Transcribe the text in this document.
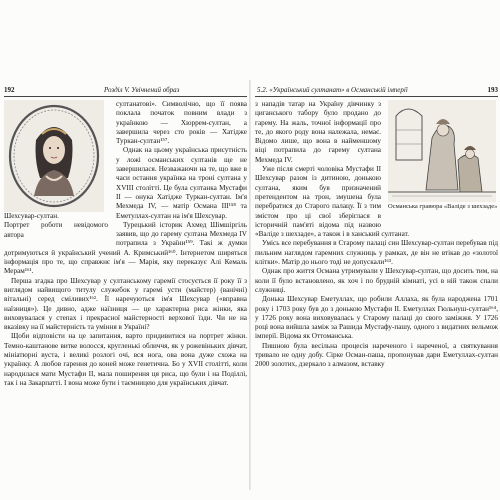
192	Розділ V. Увічнений образ
Шехсувар-султан.
Портрет роботи невідомого автора

султанатові». Символічно, що її поява поклала початок повним влади з українкою — Хюррем-султан, а завершила через сто років — Хатідже Туркан-султан¹⁵⁷.

Однак на цьому українська присутність у ложі османських султанів ще не завершилася. Незважаючи на те, що вже в часи остання українка на троні султана у XVIII столітті. Це була султанка Мустафи II — онука Хатідже Туркан-султан. Ім'я Мехмеда IV, — матір Османа III¹⁵⁸ та Еметуллах-султан на ім'я Шехсувар.

Турецький історик Ахмед Шімшіргіль заявив, що до гарему султана Мехмеда IV потрапила з України¹⁵⁹. Такі ж думки дотримуються й український учений А. Кримський¹⁶⁰. Інтернетом ширяться інформація про те, що справжнє ім'я — Марія, яку переказує Алі Кемаль Мерам¹⁶¹.

Перша згадка про Шехсувар у султанському гареміï стосується її року її з виглядом найвищого титулу служебок у гаремі усти (майстер) (ванічні) вітальні) серед сміливих¹⁶². Її наречуються ім'я Шехсувар («вправна наїзниця»). Це дивно, адже наїзниця — це характерна риса жінки, яка виховувалася у степах і прекрасної майстерності верхової їзди. Чи не на вказівку на її майстерність та уміння в Україні?

Щоби відповісти на це запитання, варто придивитися на портрет жінки. Темно-каштанове витке волосся, кругленькі обличчя, як у рожевіньких дівчат, мініатюрні вуста, і великі розлогі очі, вся нога, ова вона дуже схожа на українку. А любов гарення до коней може генетична. Бо у XVII столітті, коли народилася мати Мустафи II, мала поширення ця риса, що були і на Поділлі, так і на Закарпатті. І вона може бути і таємницею для українських дівчат.

5.2. «Український султанат» в Османській імперії	193
Османська гравюра «Валіде з шехзаде»

з нападів татар на Україну дівчинку з циганського табору було продано до гарему. На жаль, точної інформації про те, до якого роду вона належала, немає. Відомо лише, що вона в найменшому віці потрапила до гарему султана Мехмеда IV.

Уже після смерті чоловіка Мустафи II Шехсувар разом із дитиною, донькою султана, яким був призначений претендентом на трон, змушена була перебратися до Старого палацу. Її з тим змістом про ці свої зберіглася в історичній пам'яті відома під назвою «Валіде з шехзаде», а також і в ханський султанат.

Умісь все перебування в Старому палаці син Шехсувар-султан перебував під пильним наглядом гаремних служниць у рамках, де він не втікав до «золотої клітки». Матір до нього тоді не допускали¹⁶³.

Однак про життя Османа утримували у Шехсувар-султан, що досить тим, на коли її було встановлено, як хоч і по брудній кімнаті, усі в ній також спали служниці.

Донька Шехсувар Еметуллах, що робили Аллаха, як була народжена 1701 року і 1703 року був до з донькою Мустафи II. Еметуллах Гюльнуш-султан¹⁶⁴, у 1726 року вона виховувалась у Старому палаці до свого заміжжя. У 1726 році вона вийшла заміж за Рашида Мустафу-пашу, одного з видатних вельмож імперії. Відома як Оттоманська.

Пишною була весільна процесія нареченого і нареченої, а святкування тривало не одну добу. Сірке Осман-паша, пропонував дари Еметуллах-султан 2000 золотих, дзеркало з алмазом, вставку
